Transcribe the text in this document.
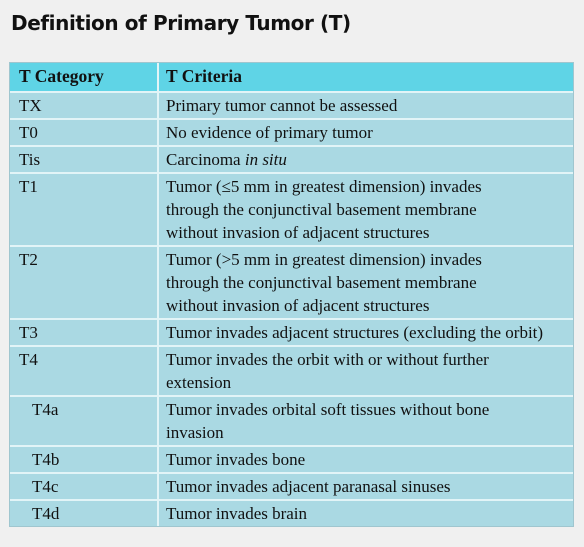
Definition of Primary Tumor (T)
T Category	T Criteria
TX	Primary tumor cannot be assessed
T0	No evidence of primary tumor
Tis	Carcinoma in situ
T1	Tumor (≤5 mm in greatest dimension) invades
through the conjunctival basement membrane
without invasion of adjacent structures
T2	Tumor (>5 mm in greatest dimension) invades
through the conjunctival basement membrane
without invasion of adjacent structures
T3	Tumor invades adjacent structures (excluding the orbit)
T4	Tumor invades the orbit with or without further
extension
T4a	Tumor invades orbital soft tissues without bone
invasion
T4b	Tumor invades bone
T4c	Tumor invades adjacent paranasal sinuses
T4d	Tumor invades brain
